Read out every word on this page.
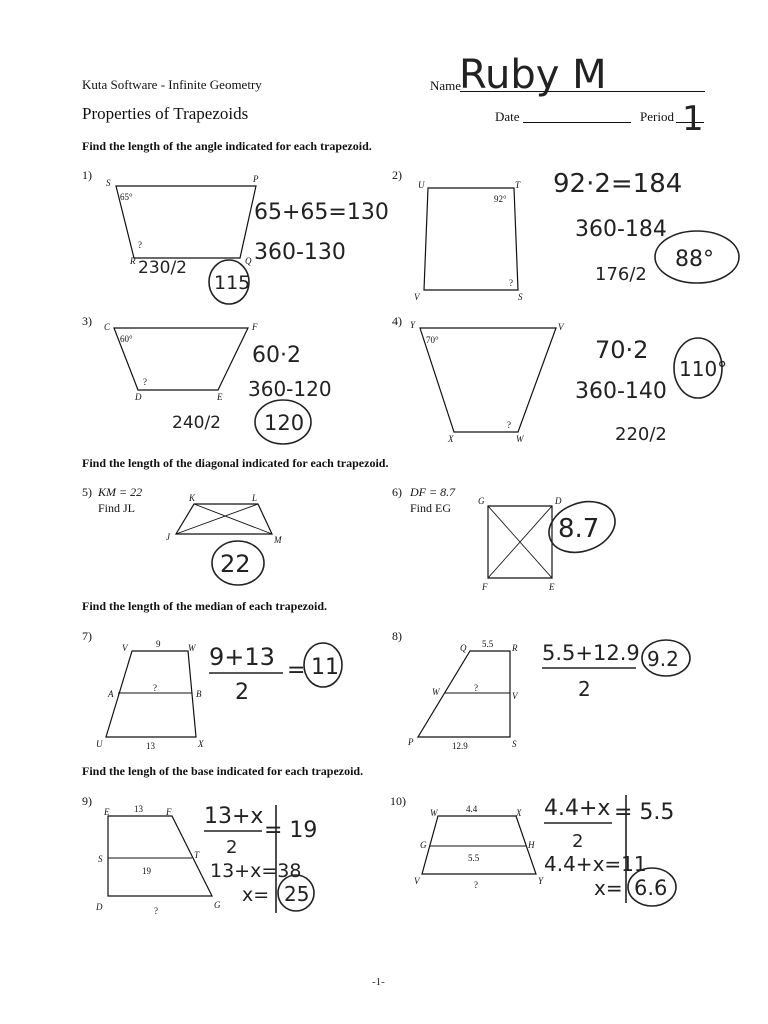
Kuta Software - Infinite Geometry
Properties of Trapezoids
Name
Ruby M
Date	Period 1
Find the length of the angle indicated for each trapezoid.
1)
S	P
R	Q
65°
?
65+65=130
360-130
230/2
115
2)
U	T
V	S
92°
?
92·2=184
360-184
176/2
88°
3) C	F
D	E
60°
?
60·2
360-120
240/2 120
4) Y	V
X	W
70°
?
70·2
360-140
220/2
110°
Find the length of the diagonal indicated for each trapezoid.
5) KM = 22
Find JL
K	L
J	M
22
6) DF = 8.7
Find EG	G	D
F	E
8.7
Find the length of the median of each trapezoid.
7)
V	W
A	B
U	X
9
?
13
9+13
2
= 11
8)
Q	R
W	V
P	S
5.5
?
12.9
5.5+12.9
2
9.2
Find the lengh of the base indicated for each trapezoid.
9)
E	F
S	T
D	G
13
19
?
13+x
2
= 19
13+x=38
x= 25
10)
W	X
G	H
V	Y
4.4
5.5
?
4.4+x
2
= 5.5
4.4+x=11
x= 6.6
-1-
